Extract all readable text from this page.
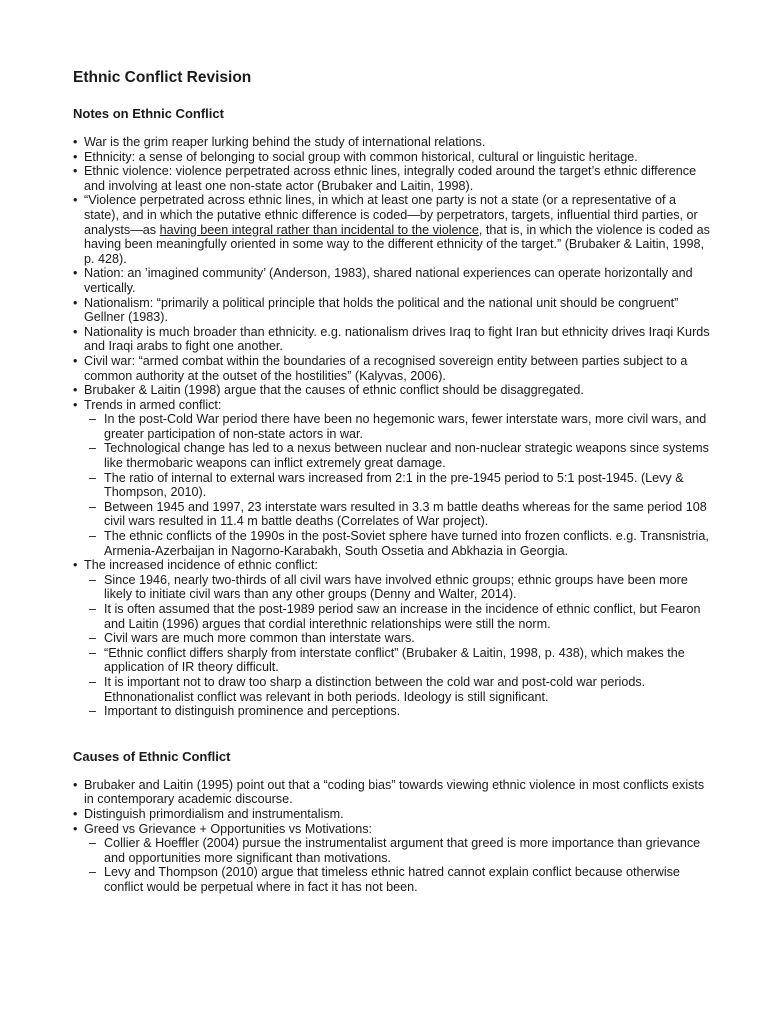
Ethnic Conflict Revision
Notes on Ethnic Conflict
• War is the grim reaper lurking behind the study of international relations.
• Ethnicity: a sense of belonging to social group with common historical, cultural or linguistic heritage.
• Ethnic violence: violence perpetrated across ethnic lines, integrally coded around the target’s ethnic difference and involving at least one non-state actor (Brubaker and Laitin, 1998).
• “Violence perpetrated across ethnic lines, in which at least one party is not a state (or a representative of a state), and in which the putative ethnic difference is coded—by perpetrators, targets, influential third parties, or analysts—as having been integral rather than incidental to the violence, that is, in which the violence is coded as having been meaningfully oriented in some way to the different ethnicity of the target.” (Brubaker & Laitin, 1998, p. 428).
• Nation: an ’imagined community’ (Anderson, 1983), shared national experiences can operate horizontally and vertically.
• Nationalism: “primarily a political principle that holds the political and the national unit should be congruent” Gellner (1983).
• Nationality is much broader than ethnicity. e.g. nationalism drives Iraq to fight Iran but ethnicity drives Iraqi Kurds and Iraqi arabs to fight one another.
• Civil war: “armed combat within the boundaries of a recognised sovereign entity between parties subject to a common authority at the outset of the hostilities” (Kalyvas, 2006).
• Brubaker & Laitin (1998) argue that the causes of ethnic conflict should be disaggregated.
• Trends in armed conflict:
– In the post-Cold War period there have been no hegemonic wars, fewer interstate wars, more civil wars, and greater participation of non-state actors in war.
– Technological change has led to a nexus between nuclear and non-nuclear strategic weapons since systems like thermobaric weapons can inflict extremely great damage.
– The ratio of internal to external wars increased from 2:1 in the pre-1945 period to 5:1 post-1945. (Levy & Thompson, 2010).
– Between 1945 and 1997, 23 interstate wars resulted in 3.3 m battle deaths whereas for the same period 108 civil wars resulted in 11.4 m battle deaths (Correlates of War project).
– The ethnic conflicts of the 1990s in the post-Soviet sphere have turned into frozen conflicts. e.g. Transnistria, Armenia-Azerbaijan in Nagorno-Karabakh, South Ossetia and Abkhazia in Georgia.
• The increased incidence of ethnic conflict:
– Since 1946, nearly two-thirds of all civil wars have involved ethnic groups; ethnic groups have been more likely to initiate civil wars than any other groups (Denny and Walter, 2014).
– It is often assumed that the post-1989 period saw an increase in the incidence of ethnic conflict, but Fearon and Laitin (1996) argues that cordial interethnic relationships were still the norm.
– Civil wars are much more common than interstate wars.
– “Ethnic conflict differs sharply from interstate conflict” (Brubaker & Laitin, 1998, p. 438), which makes the application of IR theory difficult.
– It is important not to draw too sharp a distinction between the cold war and post-cold war periods. Ethnonationalist conflict was relevant in both periods. Ideology is still significant.
– Important to distinguish prominence and perceptions.
Causes of Ethnic Conflict
• Brubaker and Laitin (1995) point out that a “coding bias” towards viewing ethnic violence in most conflicts exists in contemporary academic discourse.
• Distinguish primordialism and instrumentalism.
• Greed vs Grievance + Opportunities vs Motivations:
– Collier & Hoeffler (2004) pursue the instrumentalist argument that greed is more importance than grievance and opportunities more significant than motivations.
– Levy and Thompson (2010) argue that timeless ethnic hatred cannot explain conflict because otherwise conflict would be perpetual where in fact it has not been.
